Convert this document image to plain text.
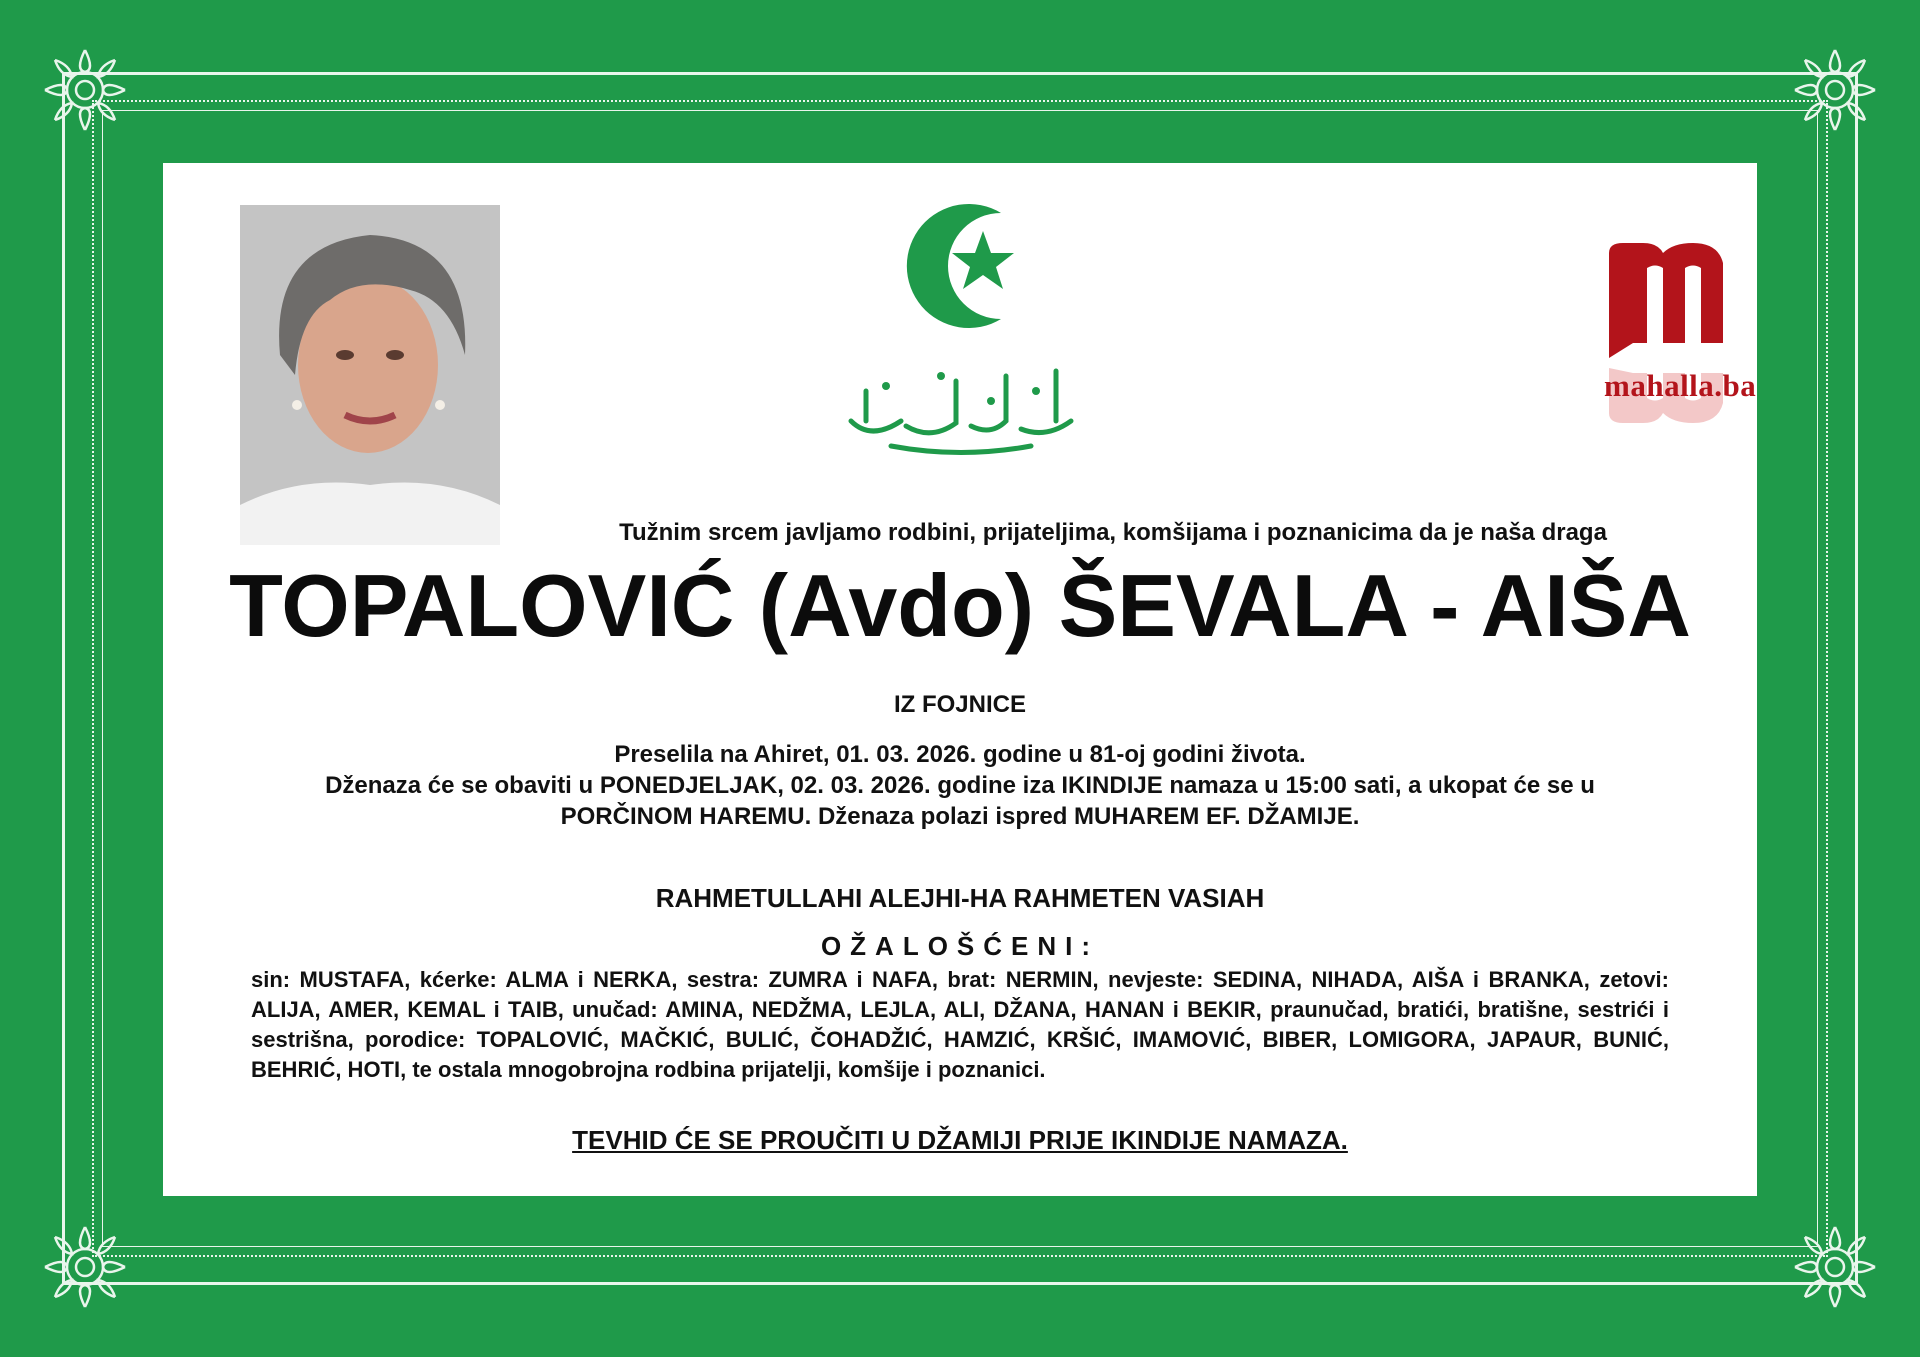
mahalla.ba
Tužnim srcem javljamo rodbini, prijateljima, komšijama i poznanicima da je naša draga
TOPALOVIĆ (Avdo) ŠEVALA - AIŠA
IZ FOJNICE
Preselila na Ahiret, 01. 03. 2026. godine u 81-oj godini života.
Dženaza će se obaviti u PONEDJELJAK, 02. 03. 2026. godine iza IKINDIJE namaza u 15:00 sati, a ukopat će se u PORČINOM HAREMU. Dženaza polazi ispred MUHAREM EF. DŽAMIJE.
RAHMETULLAHI ALEJHI-HA RAHMETEN VASIAH
OŽALOŠĆENI:
sin: MUSTAFA, kćerke: ALMA i NERKA, sestra: ZUMRA i NAFA, brat: NERMIN, nevjeste: SEDINA, NIHADA, AIŠA i BRANKA, zetovi: ALIJA, AMER, KEMAL i TAIB, unučad: AMINA, NEDŽMA, LEJLA, ALI, DŽANA, HANAN i BEKIR, praunučad, bratići, bratišne, sestrići i sestrišna, porodice: TOPALOVIĆ, MAČKIĆ, BULIĆ, ČOHADŽIĆ, HAMZIĆ, KRŠIĆ, IMAMOVIĆ, BIBER, LOMIGORA, JAPAUR, BUNIĆ, BEHRIĆ, HOTI, te ostala mnogobrojna rodbina prijatelji, komšije i poznanici.
TEVHID ĆE SE PROUČITI U DŽAMIJI PRIJE IKINDIJE NAMAZA.
